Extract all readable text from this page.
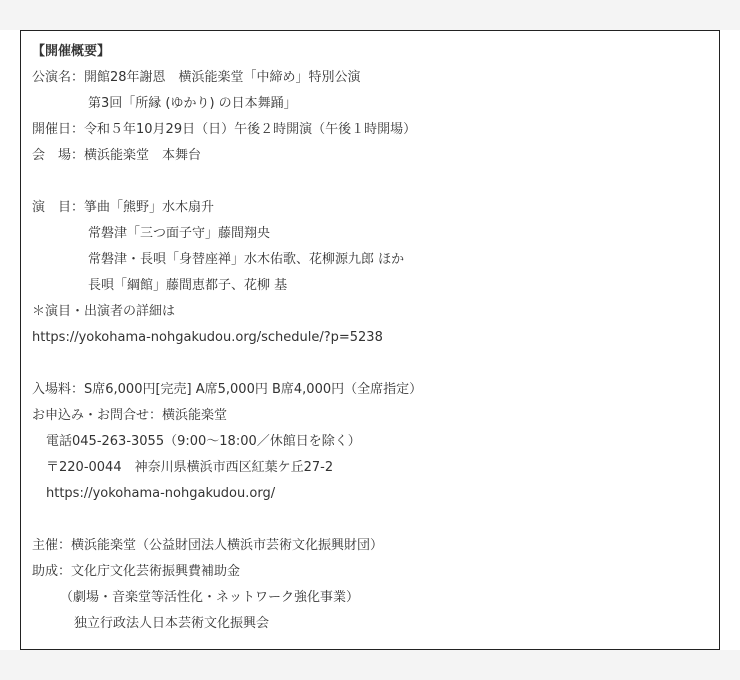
【開催概要】
公演名：開館28年謝恩　横浜能楽堂「中締め」特別公演
第3回「所縁 (ゆかり) の日本舞踊」
開催日：令和５年10月29日（日）午後２時開演（午後１時開場）
会　場：横浜能楽堂　本舞台
演　目：箏曲「熊野」水木扇升
常磐津「三つ面子守」藤間翔央
常磐津・長唄「身替座禅」水木佑歌、花柳源九郎 ほか
長唄「綱館」藤間恵都子、花柳 基
＊演目・出演者の詳細は
https://yokohama-nohgakudou.org/schedule/?p=5238
入場料：S席6,000円[完売] A席5,000円 B席4,000円（全席指定）
お申込み・お問合せ：横浜能楽堂
電話045-263-3055（9:00～18:00／休館日を除く）
〒220-0044　神奈川県横浜市西区紅葉ケ丘27-2
https://yokohama-nohgakudou.org/
主催：横浜能楽堂（公益財団法人横浜市芸術文化振興財団）
助成：文化庁文化芸術振興費補助金
（劇場・音楽堂等活性化・ネットワーク強化事業）
独立行政法人日本芸術文化振興会
